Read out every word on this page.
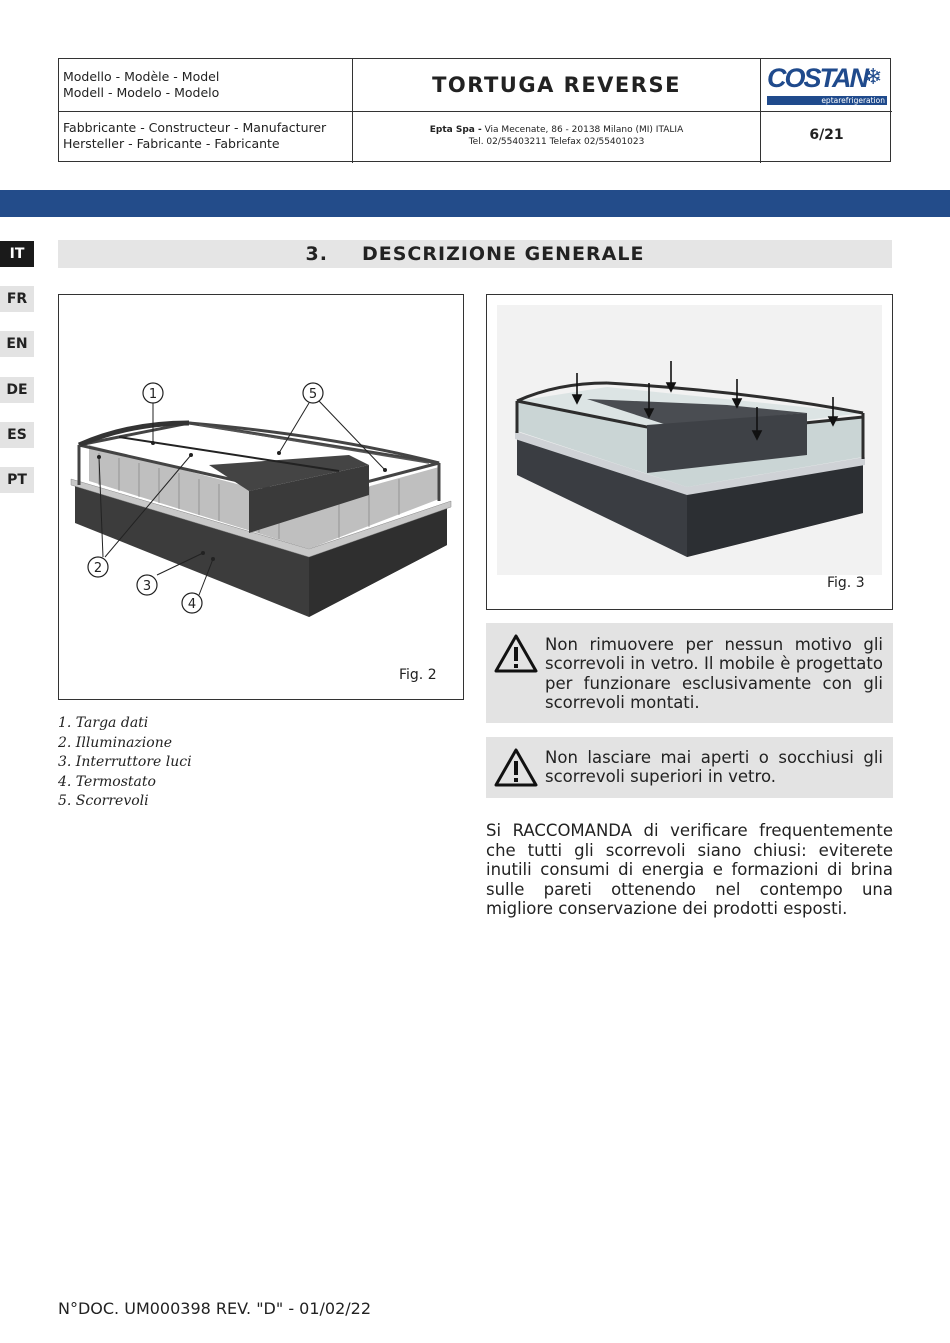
Modello - Modèle - Model
Modell - Modelo - Modelo	TORTUGA REVERSE	COSTAN
❄
eptarefrigeration
Fabbricante - Constructeur - Manufacturer
Hersteller - Fabricante - Fabricante
Epta Spa - Via Mecenate, 86 - 20138 Milano (MI) ITALIA
Tel. 02/55403211 Telefax 02/55401023	6/21
IT
FR
EN
DE
ES
PT
3. DESCRIZIONE GENERALE
1
2
3
4
5
Fig. 2
Fig. 3
1. Targa dati
2. Illuminazione
3. Interruttore luci
4. Termostato
5. Scorrevoli
Non rimuovere per nessun motivo gli scorrevoli in vetro. Il mobile è progettato per funzionare esclusivamente con gli scorrevoli montati.
Non lasciare mai aperti o socchiusi gli scorrevoli superiori in vetro.
Si RACCOMANDA di verificare frequentemente che tutti gli scorrevoli siano chiusi: eviterete inutili consumi di energia e formazioni di brina sulle pareti ottenendo nel contempo una migliore conservazione dei prodotti esposti.
N°DOC. UM000398 REV. "D" - 01/02/22
